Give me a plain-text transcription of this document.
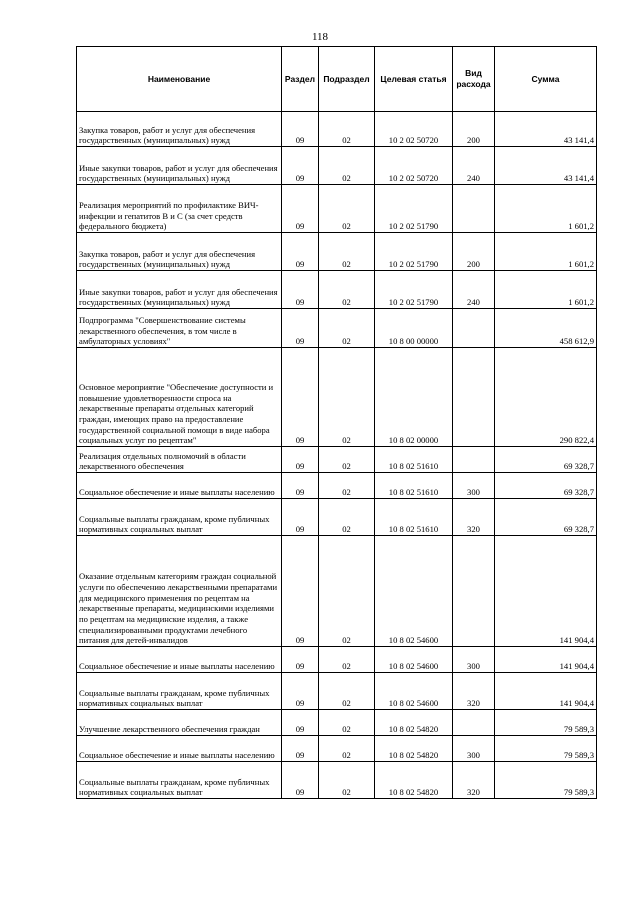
118
Наименование	Раздел	Подраздел	Целевая статья	Вид расхода	Сумма
Закупка товаров, работ и услуг для обеспечения государственных (муниципальных) нужд	09	02	10 2 02 50720	200	43 141,4
Иные закупки товаров, работ и услуг для обеспечения государственных (муниципальных) нужд	09	02	10 2 02 50720	240	43 141,4
Реализация мероприятий по профилактике ВИЧ-инфекции и гепатитов В и С (за счет средств федерального бюджета)	09	02	10 2 02 51790		1 601,2
Закупка товаров, работ и услуг для обеспечения государственных (муниципальных) нужд	09	02	10 2 02 51790	200	1 601,2
Иные закупки товаров, работ и услуг для обеспечения государственных (муниципальных) нужд	09	02	10 2 02 51790	240	1 601,2
Подпрограмма "Совершенствование системы лекарственного обеспечения, в том числе в амбулаторных условиях"	09	02	10 8 00 00000		458 612,9
Основное мероприятие "Обеспечение доступности и повышение удовлетворенности спроса на лекарственные препараты отдельных категорий граждан, имеющих право на предоставление государственной социальной помощи в виде набора социальных услуг по рецептам"	09	02	10 8 02 00000		290 822,4
Реализация отдельных полномочий в области лекарственного обеспечения	09	02	10 8 02 51610		69 328,7
Социальное обеспечение и иные выплаты населению	09	02	10 8 02 51610	300	69 328,7
Социальные выплаты гражданам, кроме публичных нормативных социальных выплат	09	02	10 8 02 51610	320	69 328,7
Оказание отдельным категориям граждан социальной услуги по обеспечению лекарственными препаратами для медицинского применения по рецептам на лекарственные препараты, медицинскими изделиями по рецептам на медицинские изделия, а также специализированными продуктами лечебного питания для детей-инвалидов	09	02	10 8 02 54600		141 904,4
Социальное обеспечение и иные выплаты населению	09	02	10 8 02 54600	300	141 904,4
Социальные выплаты гражданам, кроме публичных нормативных социальных выплат	09	02	10 8 02 54600	320	141 904,4
Улучшение лекарственного обеспечения граждан	09	02	10 8 02 54820		79 589,3
Социальное обеспечение и иные выплаты населению	09	02	10 8 02 54820	300	79 589,3
Социальные выплаты гражданам, кроме публичных нормативных социальных выплат	09	02	10 8 02 54820	320	79 589,3
